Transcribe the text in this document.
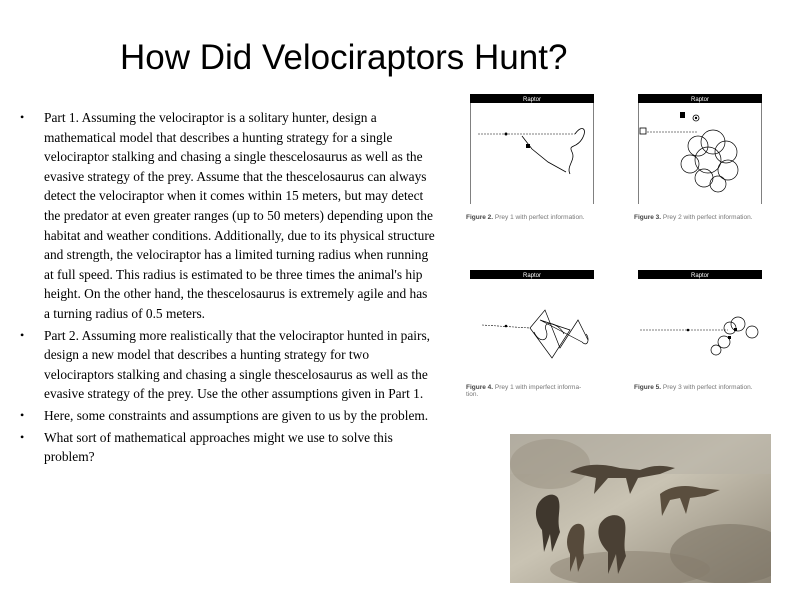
How Did Velociraptors Hunt?
• Part 1. Assuming the velociraptor is a solitary hunter, design a mathematical model that describes a hunting strategy for a single velociraptor stalking and chasing a single thescelosaurus as well as the evasive strategy of the prey. Assume that the thescelosaurus can always detect the velociraptor when it comes within 15 meters, but may detect the predator at even greater ranges (up to 50 meters) depending upon the habitat and weather conditions. Additionally, due to its physical structure and strength, the velociraptor has a limited turning radius when running at full speed. This radius is estimated to be three times the animal's hip height. On the other hand, the thescelosaurus is extremely agile and has a turning radius of 0.5 meters.
• Part 2. Assuming more realistically that the velociraptor hunted in pairs, design a new model that describes a hunting strategy for two velociraptors stalking and chasing a single thescelosaurus as well as the evasive strategy of the prey. Use the other assumptions given in Part 1.
• Here, some constraints and assumptions are given to us by the problem.
• What sort of mathematical approaches might we use to solve this problem?
Raptor
Figure 2. Prey 1 with perfect information.
Raptor
Figure 3. Prey 2 with perfect information.
Raptor
Figure 4. Prey 1 with imperfect informa-
tion.
Raptor
Figure 5. Prey 3 with perfect information.
